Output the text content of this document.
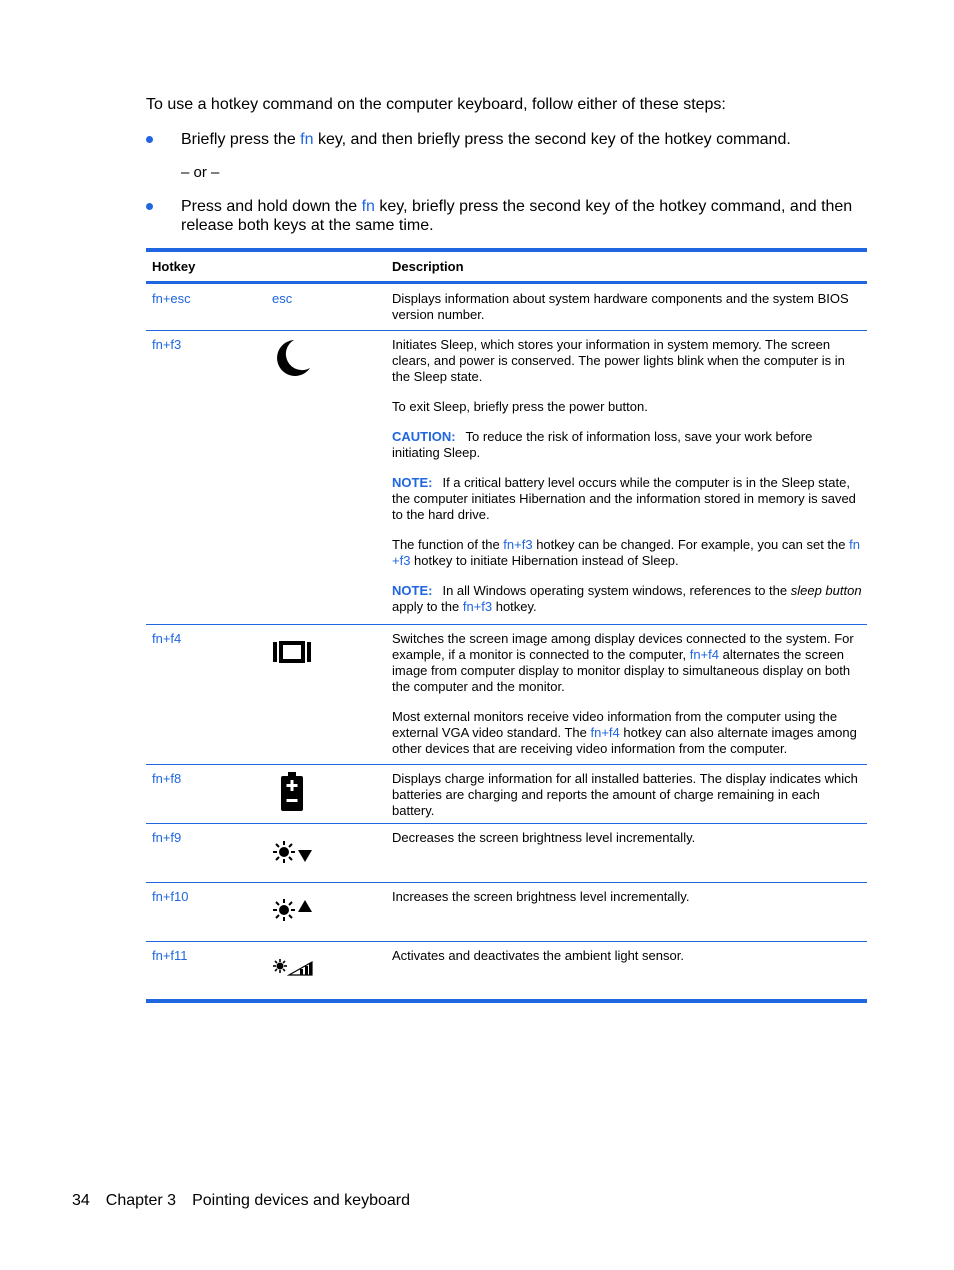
To use a hotkey command on the computer keyboard, follow either of these steps:
Briefly press the fn key, and then briefly press the second key of the hotkey command.
– or –
Press and hold down the fn key, briefly press the second key of the hotkey command, and then release both keys at the same time.
Hotkey	Description
fn+esc	esc	Displays information about system hardware components and the system BIOS version number.

fn+f3	Initiates Sleep, which stores your information in system memory. The screen clears, and power is conserved. The power lights blink when the computer is in the Sleep state.

To exit Sleep, briefly press the power button.

CAUTION: To reduce the risk of information loss, save your work before initiating Sleep.

NOTE: If a critical battery level occurs while the computer is in the Sleep state, the computer initiates Hibernation and the information stored in memory is saved to the hard drive.

The function of the fn+f3 hotkey can be changed. For example, you can set the fn +f3 hotkey to initiate Hibernation instead of Sleep.

NOTE: In all Windows operating system windows, references to the sleep button apply to the fn+f3 hotkey.

fn+f4	Switches the screen image among display devices connected to the system. For example, if a monitor is connected to the computer, fn+f4 alternates the screen image from computer display to monitor display to simultaneous display on both the computer and the monitor.

Most external monitors receive video information from the computer using the external VGA video standard. The fn+f4 hotkey can also alternate images among other devices that are receiving video information from the computer.

fn+f8	Displays charge information for all installed batteries. The display indicates which batteries are charging and reports the amount of charge remaining in each battery.

fn+f9	Decreases the screen brightness level incrementally.

fn+f10	Increases the screen brightness level incrementally.

fn+f11	Activates and deactivates the ambient light sensor.

34 Chapter 3 Pointing devices and keyboard
